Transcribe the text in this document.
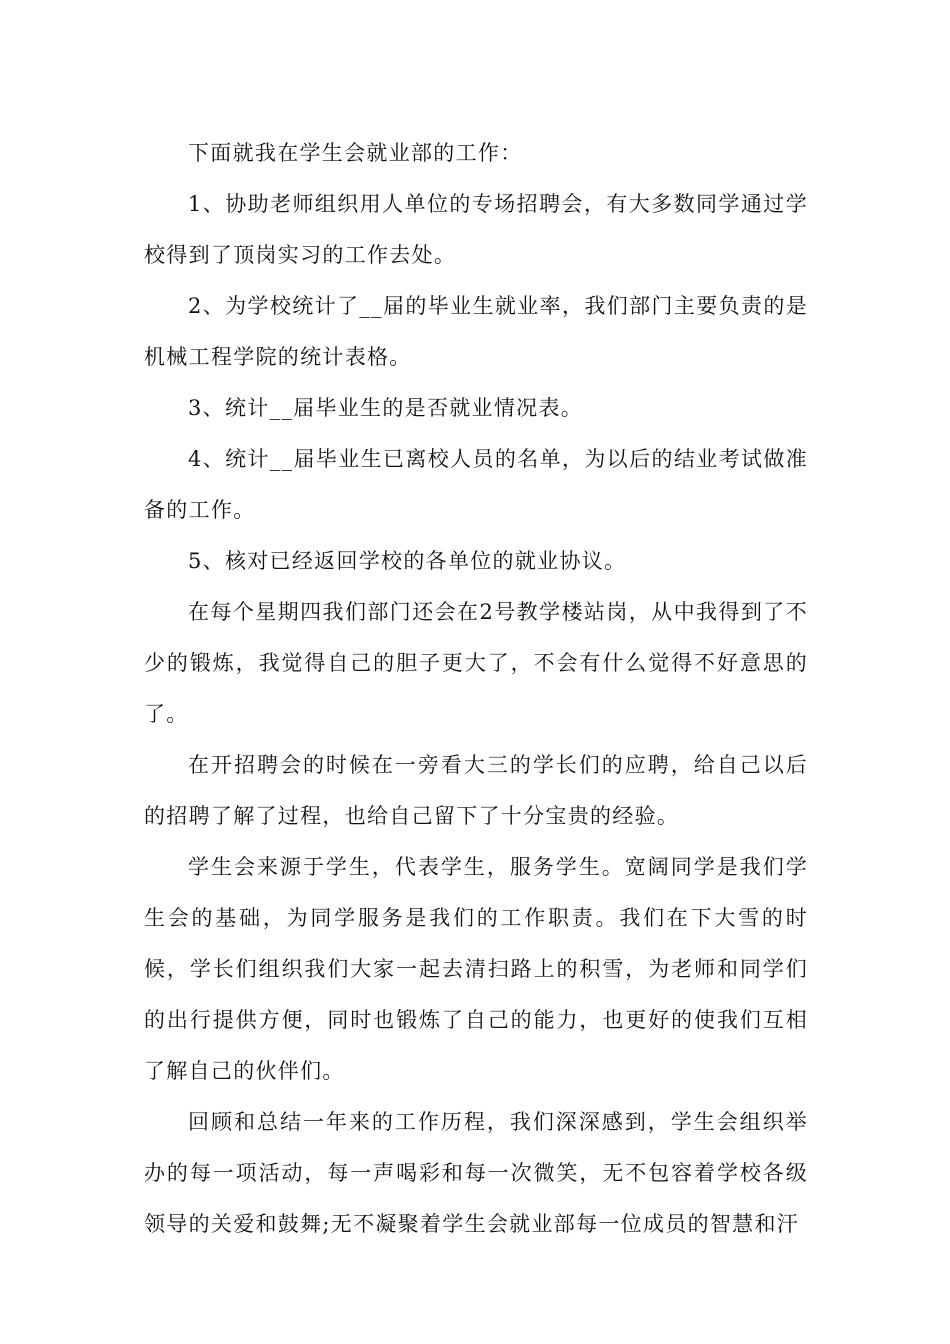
下面就我在学生会就业部的工作：

1、协助老师组织用人单位的专场招聘会，有大多数同学通过学校得到了顶岗实习的工作去处。

2、为学校统计了__届的毕业生就业率，我们部门主要负责的是机械工程学院的统计表格。

3、统计__届毕业生的是否就业情况表。

4、统计__届毕业生已离校人员的名单，为以后的结业考试做准备的工作。

5、核对已经返回学校的各单位的就业协议。

在每个星期四我们部门还会在2号教学楼站岗，从中我得到了不少的锻炼，我觉得自己的胆子更大了，不会有什么觉得不好意思的了。

在开招聘会的时候在一旁看大三的学长们的应聘，给自己以后的招聘了解了过程，也给自己留下了十分宝贵的经验。

学生会来源于学生，代表学生，服务学生。宽阔同学是我们学生会的基础，为同学服务是我们的工作职责。我们在下大雪的时候，学长们组织我们大家一起去清扫路上的积雪，为老师和同学们的出行提供方便，同时也锻炼了自己的能力，也更好的使我们互相了解自己的伙伴们。

回顾和总结一年来的工作历程，我们深深感到，学生会组织举办的每一项活动，每一声喝彩和每一次微笑，无不包容着学校各级领导的关爱和鼓舞;无不凝聚着学生会就业部每一位成员的智慧和汗
